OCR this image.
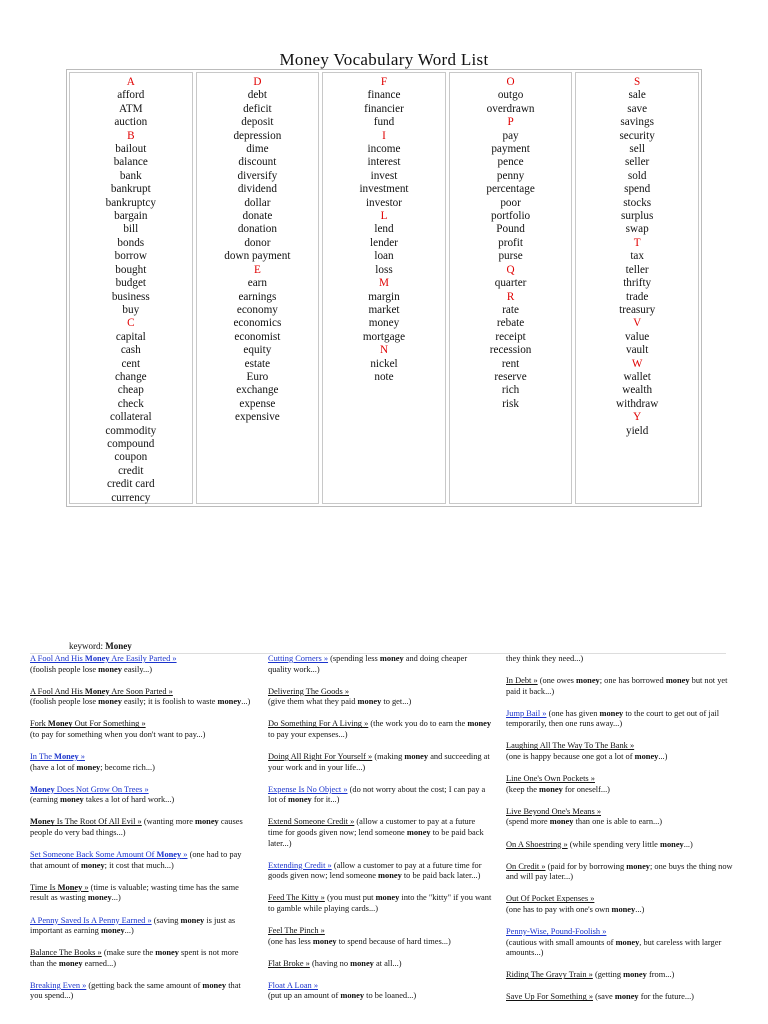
Money Vocabulary Word List
A
afford
ATM
auction
B
bailout
balance
bank
bankrupt
bankruptcy
bargain
bill
bonds
borrow
bought
budget
business
buy
C
capital
cash
cent
change
cheap
check
collateral
commodity
compound
coupon
credit
credit card
currency
D
debt
deficit
deposit
depression
dime
discount
diversify
dividend
dollar
donate
donation
donor
down payment
E
earn
earnings
economy
economics
economist
equity
estate
Euro
exchange
expense
expensive
F
finance
financier
fund
I
income
interest
invest
investment
investor
L
lend
lender
loan
loss
M
margin
market
money
mortgage
N
nickel
note
O
outgo
overdrawn
P
pay
payment
pence
penny
percentage
poor
portfolio
Pound
profit
purse
Q
quarter
R
rate
rebate
receipt
recession
rent
reserve
rich
risk
S
sale
save
savings
security
sell
seller
sold
spend
stocks
surplus
swap
T
tax
teller
thrifty
trade
treasury
V
value
vault
W
wallet
wealth
withdraw
Y
yield
keyword: Money
A Fool And His Money Are Easily Parted »
(foolish people lose money easily...)
A Fool And His Money Are Soon Parted »
(foolish people lose money easily; it is foolish to waste money...)
Fork Money Out For Something »
(to pay for something when you don't want to pay...)
In The Money »
(have a lot of money; become rich...)
Money Does Not Grow On Trees »
(earning money takes a lot of hard work...)
Money Is The Root Of All Evil » (wanting more money causes people do very bad things...)
Set Someone Back Some Amount Of Money » (one had to pay that amount of money; it cost that much...)
Time Is Money » (time is valuable; wasting time has the same result as wasting money...)
A Penny Saved Is A Penny Earned » (saving money is just as important as earning money...)
Balance The Books » (make sure the money spent is not more than the money earned...)
Breaking Even » (getting back the same amount of money that you spend...)
Cutting Corners » (spending less money and doing cheaper quality work...)
Delivering The Goods »
(give them what they paid money to get...)
Do Something For A Living » (the work you do to earn the money to pay your expenses...)
Doing All Right For Yourself » (making money and succeeding at your work and in your life...)
Expense Is No Object » (do not worry about the cost; I can pay a lot of money for it...)
Extend Someone Credit » (allow a customer to pay at a future time for goods given now; lend someone money to be paid back later...)
Extending Credit » (allow a customer to pay at a future time for goods given now; lend someone money to be paid back later...)
Feed The Kitty » (you must put money into the "kitty" if you want to gamble while playing cards...)
Feel The Pinch »
(one has less money to spend because of hard times...)
Flat Broke » (having no money at all...)
Float A Loan »
(put up an amount of money to be loaned...)
they think they need...)
In Debt » (one owes money; one has borrowed money but not yet paid it back...)
Jump Bail » (one has given money to the court to get out of jail temporarily, then one runs away...)
Laughing All The Way To The Bank »
(one is happy because one got a lot of money...)
Line One's Own Pockets »
(keep the money for oneself...)
Live Beyond One's Means »
(spend more money than one is able to earn...)
On A Shoestring » (while spending very little money...)
On Credit » (paid for by borrowing money; one buys the thing now and will pay later...)
Out Of Pocket Expenses »
(one has to pay with one's own money...)
Penny-Wise, Pound-Foolish »
(cautious with small amounts of money, but careless with larger amounts...)
Riding The Gravy Train » (getting money from...)
Save Up For Something » (save money for the future...)
